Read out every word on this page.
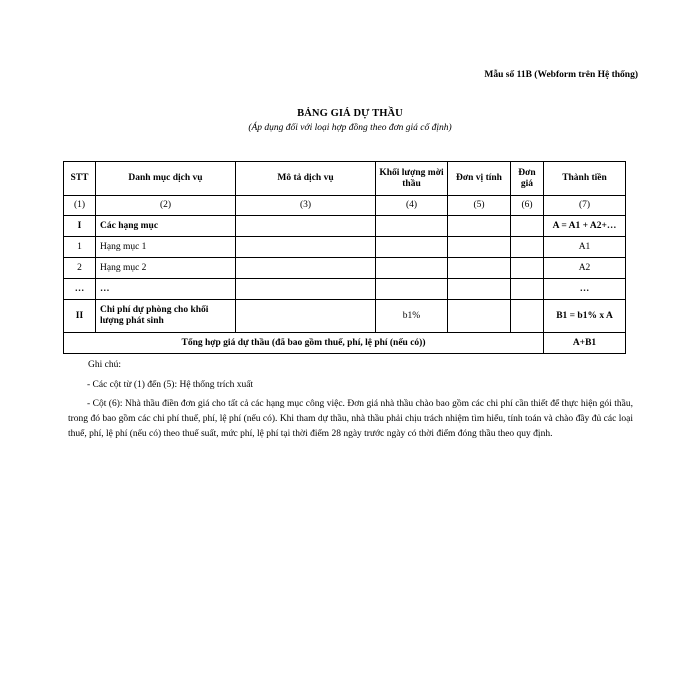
Mẫu số 11B (Webform trên Hệ thống)
BẢNG GIÁ DỰ THẦU
(Áp dụng đối với loại hợp đồng theo đơn giá cố định)
STT	Danh mục dịch vụ	Mô tả dịch vụ	Khối lượng mời thầu	Đơn vị tính	Đơn giá	Thành tiền
(1)	(2)	(3)	(4)	(5)	(6)	(7)
I	Các hạng mục					A = A1 + A2+…
1	Hạng mục 1					A1
2	Hạng mục 2					A2
…	…					…
II	Chi phí dự phòng cho khối lượng phát sinh		b1%			B1 = b1% x A
Tổng hợp giá dự thầu (đã bao gồm thuế, phí, lệ phí (nếu có))						A+B1

Ghi chú:

- Các cột từ (1) đến (5): Hệ thống trích xuất

- Cột (6): Nhà thầu điền đơn giá cho tất cả các hạng mục công việc. Đơn giá nhà thầu chào bao gồm các chi phí cần thiết để thực hiện gói thầu, trong đó bao gồm các chi phí thuế, phí, lệ phí (nếu có). Khi tham dự thầu, nhà thầu phải chịu trách nhiệm tìm hiểu, tính toán và chào đầy đủ các loại thuế, phí, lệ phí (nếu có) theo thuế suất, mức phí, lệ phí tại thời điểm 28 ngày trước ngày có thời điểm đóng thầu theo quy định.
